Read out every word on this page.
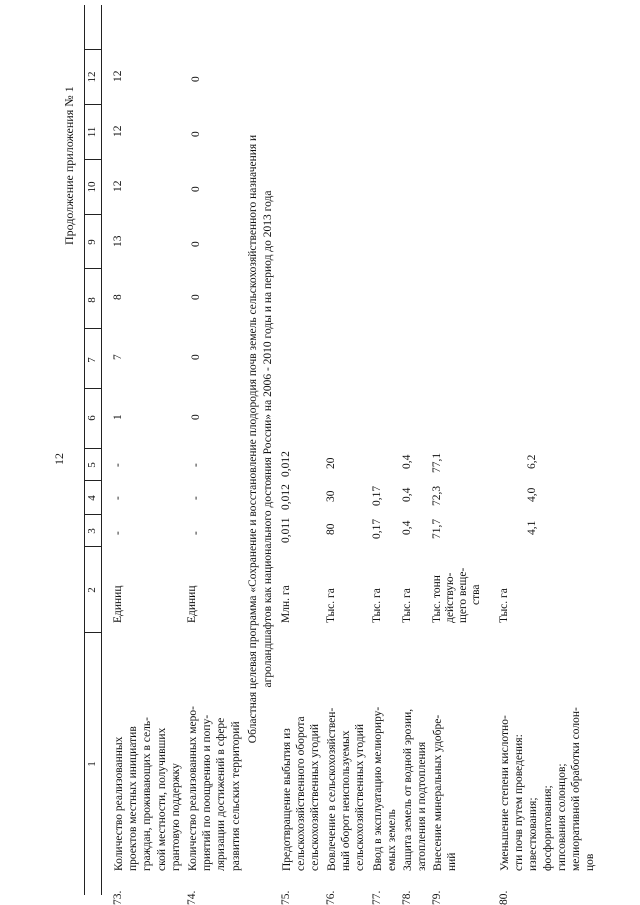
12
Продолжение приложения № 1
1
2
3
4
5
6
7
8
9
10
11
12
73.
Количество реализованных проектов местных инициатив граждан, проживающих в сель- ской местности, получивших грантовую поддержку
Единиц
-
-
-
1
7
8
13
12
12
12
74.
Количество реализованных меро- приятий по поощрению и попу- ляризации достижений в сфере развития сельских территорий
Единиц
-
-
-
0
0
0
0
0
0
0
Областная целевая программа «Сохранение и восстановление плодородия почв земель сельскохозяйственного назначения и агроландшафтов как национального достояния России» на 2006 - 2010 годы и на период до 2013 года
75.
Предотвращение выбытия из сельскохозяйственного оборота сельскохозяйственных угодий
Млн. га
0,011
0,012
0,012
76.
Вовлечение в сельскохозяйствен- ный оборот неиспользуемых сельскохозяйственных угодий
Тыс. га
80
30
20
77.
Ввод в эксплуатацию мелиориру- емых земель
Тыс. га
0,17
0,17
78.
Защита земель от водной эрозии, затопления и подтопления
Тыс. га
0,4
0,4
0,4
79.
Внесение минеральных удобре- ний
Тыс. тонн действую- щего веще- ства
71,7
72,3
77,1
80.
Уменьшение степени кислотно- сти почв путем проведения: известкования; фосфоритования; гипсования солонцов; мелиоративной обработки солон- цов
Тыс. га
4,1
4,0
6,2
